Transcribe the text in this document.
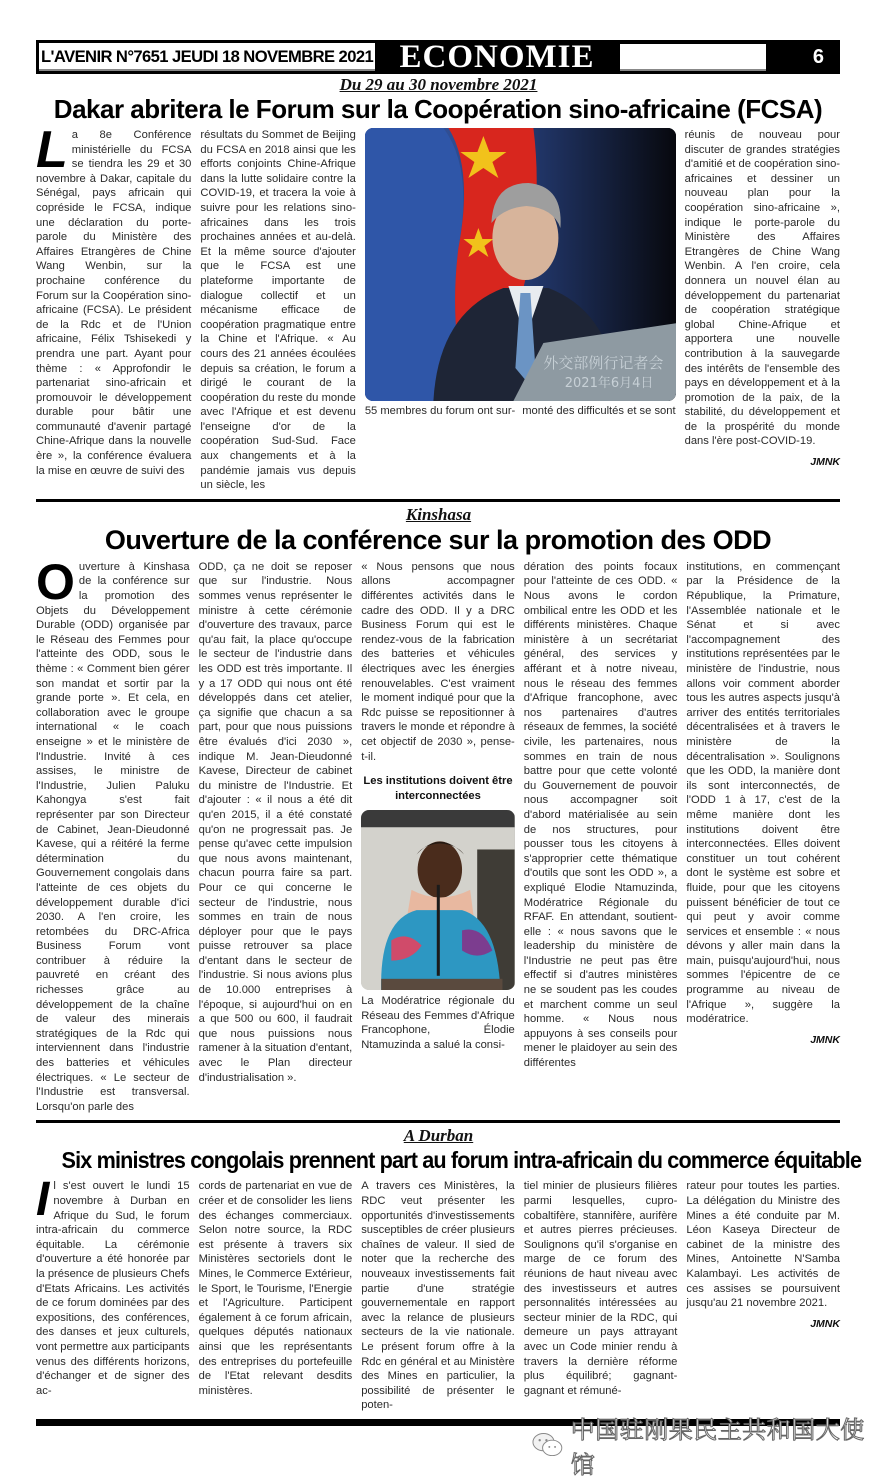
L'AVENIR N°7651 JEUDI 18 NOVEMBRE 2021 ECONOMIE	6
Du 29 au 30 novembre 2021
Dakar abritera le Forum sur la Coopération sino-africaine (FCSA)
La 8e Conférence ministérielle du FCSA se tiendra les 29 et 30 novembre à Dakar, capitale du Sénégal, pays africain qui copréside le FCSA, indique une déclaration du porte-parole du Ministère des Affaires Etrangères de Chine Wang Wenbin, sur la prochaine conférence du Forum sur la Coopération sino-africaine (FCSA). Le président de la Rdc et de l'Union africaine, Félix Tshisekedi y prendra une part. Ayant pour thème : « Approfondir le partenariat sino-africain et promouvoir le développement durable pour bâtir une communauté d'avenir partagé Chine-Afrique dans la nouvelle ère », la conférence évaluera la mise en œuvre de suivi des
résultats du Sommet de Beijing du FCSA en 2018 ainsi que les efforts conjoints Chine-Afrique dans la lutte solidaire contre la COVID-19, et tracera la voie à suivre pour les relations sino-africaines dans les trois prochaines années et au-delà. Et la même source d'ajouter que le FCSA est une plateforme importante de dialogue collectif et un mécanisme efficace de coopération pragmatique entre la Chine et l'Afrique. « Au cours des 21 années écoulées depuis sa création, le forum a dirigé le courant de la coopération du reste du monde avec l'Afrique et est devenu l'enseigne d'or de la coopération Sud-Sud. Face aux changements et à la pandémie jamais vus depuis un siècle, les
外交部例行记者会
2021年6月4日
55 membres du forum ont sur- monté des difficultés et se sont
réunis de nouveau pour discuter de grandes stratégies d'amitié et de coopération sino-africaines et dessiner un nouveau plan pour la coopération sino-africaine », indique le porte-parole du Ministère des Affaires Etrangères de Chine Wang Wenbin. A l'en croire, cela donnera un nouvel élan au développement du partenariat de coopération stratégique global Chine-Afrique et apportera une nouvelle contribution à la sauvegarde des intérêts de l'ensemble des pays en développement et à la promotion de la paix, de la stabilité, du développement et de la prospérité du monde dans l'ère post-COVID-19.
JMNK
Kinshasa
Ouverture de la conférence sur la promotion des ODD
Ouverture à Kinshasa de la conférence sur la promotion des Objets du Développement Durable (ODD) organisée par le Réseau des Femmes pour l'atteinte des ODD, sous le thème : « Comment bien gérer son mandat et sortir par la grande porte ». Et cela, en collaboration avec le groupe international « le coach enseigne » et le ministère de l'Industrie. Invité à ces assises, le ministre de l'Industrie, Julien Paluku Kahongya s'est fait représenter par son Directeur de Cabinet, Jean-Dieudonné Kavese, qui a réitéré la ferme détermination du Gouvernement congolais dans l'atteinte de ces objets du développement durable d'ici 2030. A l'en croire, les retombées du DRC-Africa Business Forum vont contribuer à réduire la pauvreté en créant des richesses grâce au développement de la chaîne de valeur des minerais stratégiques de la Rdc qui interviennent dans l'industrie des batteries et véhicules électriques. « Le secteur de l'Industrie est transversal. Lorsqu'on parle des
ODD, ça ne doit se reposer que sur l'industrie. Nous sommes venus représenter le ministre à cette cérémonie d'ouverture des travaux, parce qu'au fait, la place qu'occupe le secteur de l'industrie dans les ODD est très importante. Il y a 17 ODD qui nous ont été développés dans cet atelier, ça signifie que chacun a sa part, pour que nous puissions être évalués d'ici 2030 », indique M. Jean-Dieudonné Kavese, Directeur de cabinet du ministre de l'Industrie. Et d'ajouter : « il nous a été dit qu'en 2015, il a été constaté qu'on ne progressait pas. Je pense qu'avec cette impulsion que nous avons maintenant, chacun pourra faire sa part. Pour ce qui concerne le secteur de l'industrie, nous sommes en train de nous déployer pour que le pays puisse retrouver sa place d'entant dans le secteur de l'industrie. Si nous avions plus de 10.000 entreprises à l'époque, si aujourd'hui on en a que 500 ou 600, il faudrait que nous puissions nous ramener à la situation d'entant, avec le Plan directeur d'industrialisation ».
« Nous pensons que nous allons accompagner différentes activités dans le cadre des ODD. Il y a DRC Business Forum qui est le rendez-vous de la fabrication des batteries et véhicules électriques avec les énergies renouvelables. C'est vraiment le moment indiqué pour que la Rdc puisse se repositionner à travers le monde et répondre à cet objectif de 2030 », pense-t-il.
Les institutions doivent être interconnectées
La Modératrice régionale du Réseau des Femmes d'Afrique Francophone, Élodie Ntamuzinda a salué la consi-
dération des points focaux pour l'atteinte de ces ODD. « Nous avons le cordon ombilical entre les ODD et les différents ministères. Chaque ministère à un secrétariat général, des services y afférant et à notre niveau, nous le réseau des femmes d'Afrique francophone, avec nos partenaires d'autres réseaux de femmes, la société civile, les partenaires, nous sommes en train de nous battre pour que cette volonté du Gouvernement de pouvoir nous accompagner soit d'abord matérialisée au sein de nos structures, pour pousser tous les citoyens à s'approprier cette thématique d'outils que sont les ODD », a expliqué Elodie Ntamuzinda, Modératrice Régionale du RFAF. En attendant, soutient-elle : « nous savons que le leadership du ministère de l'Industrie ne peut pas être effectif si d'autres ministères ne se soudent pas les coudes et marchent comme un seul homme. « Nous nous appuyons à ses conseils pour mener le plaidoyer au sein des différentes
institutions, en commençant par la Présidence de la République, la Primature, l'Assemblée nationale et le Sénat et si avec l'accompagnement des institutions représentées par le ministère de l'industrie, nous allons voir comment aborder tous les autres aspects jusqu'à arriver des entités territoriales décentralisées et à travers le ministère de la décentralisation ». Soulignons que les ODD, la manière dont ils sont interconnectés, de l'ODD 1 à 17, c'est de la même manière dont les institutions doivent être interconnectées. Elles doivent constituer un tout cohérent dont le système est sobre et fluide, pour que les citoyens puissent bénéficier de tout ce qui peut y avoir comme services et ensemble : « nous dévons y aller main dans la main, puisqu'aujourd'hui, nous sommes l'épicentre de ce programme au niveau de l'Afrique », suggère la modératrice.
JMNK
A Durban
Six ministres congolais prennent part au forum intra-africain du commerce équitable
Il s'est ouvert le lundi 15 novembre à Durban en Afrique du Sud, le forum intra-africain du commerce équitable. La cérémonie d'ouverture a été honorée par la présence de plusieurs Chefs d'Etats Africains. Les activités de ce forum dominées par des expositions, des conférences, des danses et jeux culturels, vont permettre aux participants venus des différents horizons, d'échanger et de signer des ac-
cords de partenariat en vue de créer et de consolider les liens des échanges commerciaux. Selon notre source, la RDC est présente à travers six Ministères sectoriels dont le Mines, le Commerce Extérieur, le Sport, le Tourisme, l'Energie et l'Agriculture. Participent également à ce forum africain, quelques députés nationaux ainsi que les représentants des entreprises du portefeuille de l'Etat relevant desdits ministères.
A travers ces Ministères, la RDC veut présenter les opportunités d'investissements susceptibles de créer plusieurs chaînes de valeur. Il sied de noter que la recherche des nouveaux investissements fait partie d'une stratégie gouvernementale en rapport avec la relance de plusieurs secteurs de la vie nationale. Le présent forum offre à la Rdc en général et au Ministère des Mines en particulier, la possibilité de présenter le poten-
tiel minier de plusieurs filières parmi lesquelles, cupro-cobaltifère, stannifère, aurifère et autres pierres précieuses. Soulignons qu'il s'organise en marge de ce forum des réunions de haut niveau avec des investisseurs et autres personnalités intéressées au secteur minier de la RDC, qui demeure un pays attrayant avec un Code minier rendu à travers la dernière réforme plus équilibré; gagnant-gagnant et rémuné-
rateur pour toutes les parties. La délégation du Ministre des Mines a été conduite par M. Léon Kaseya Directeur de cabinet de la ministre des Mines, Antoinette N'Samba Kalambayi. Les activités de ces assises se poursuivent jusqu'au 21 novembre 2021.
JMNK
中国驻刚果民主共和国大使馆
